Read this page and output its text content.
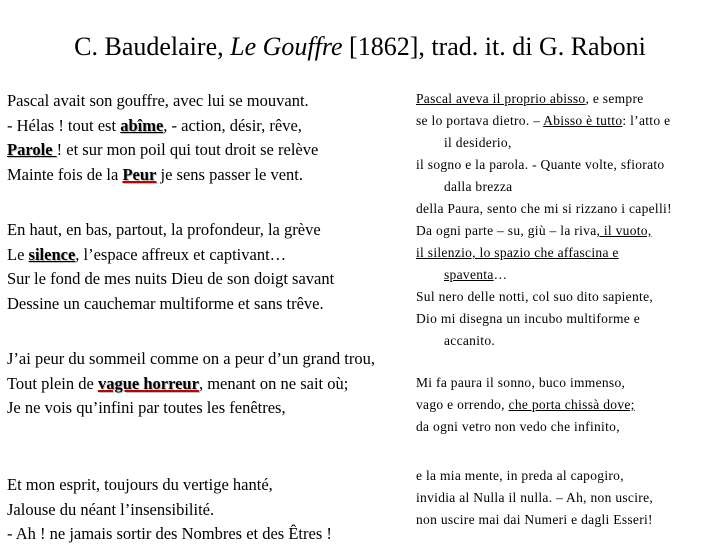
C. Baudelaire, Le Gouffre [1862], trad. it. di G. Raboni
Pascal avait son gouffre, avec lui se mouvant.
- Hélas ! tout est abîme, - action, désir, rêve,
Parole ! et sur mon poil qui tout droit se relève
Mainte fois de la Peur je sens passer le vent.
En haut, en bas, partout, la profondeur, la grève
Le silence, l’espace affreux et captivant…
Sur le fond de mes nuits Dieu de son doigt savant
Dessine un cauchemar multiforme et sans trêve.
J’ai peur du sommeil comme on a peur d’un grand trou,
Tout plein de vague horreur, menant on ne sait où;
Je ne vois qu’infini par toutes les fenêtres,
Et mon esprit, toujours du vertige hanté,
Jalouse du néant l’insensibilité.
- Ah ! ne jamais sortir des Nombres et des Êtres !
Pascal aveva il proprio abisso, e sempre
se lo portava dietro. – Abisso è tutto: l’atto e
il desiderio,
il sogno e la parola. - Quante volte, sfiorato
dalla brezza
della Paura, sento che mi si rizzano i capelli!
Da ogni parte – su, giù – la riva, il vuoto,
il silenzio, lo spazio che affascina e
spaventa…
Sul nero delle notti, col suo dito sapiente,
Dio mi disegna un incubo multiforme e
accanito.
Mi fa paura il sonno, buco immenso,
vago e orrendo, che porta chissà dove;
da ogni vetro non vedo che infinito,
e la mia mente, in preda al capogiro,
invidia al Nulla il nulla. – Ah, non uscire,
non uscire mai dai Numeri e dagli Esseri!
